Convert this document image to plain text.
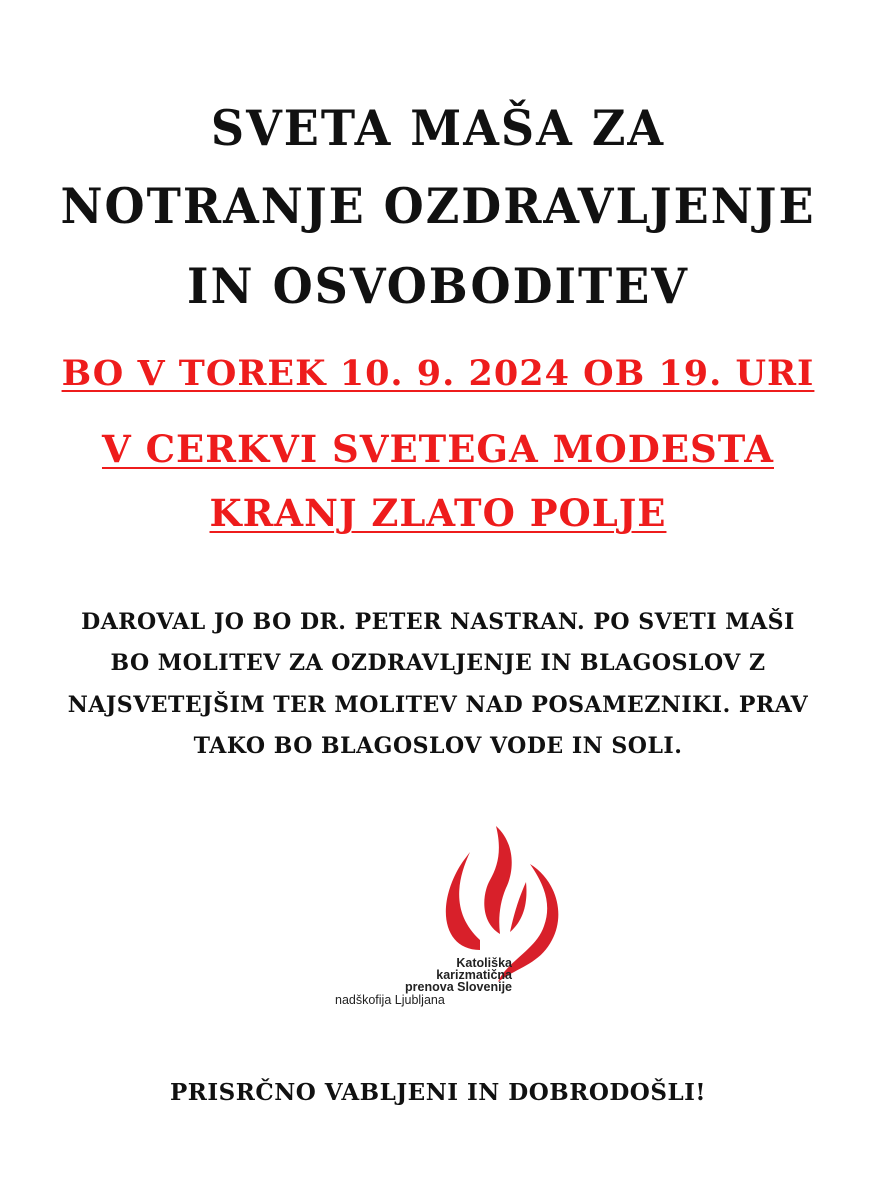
SVETA MAŠA ZA
NOTRANJE OZDRAVLJENJE
IN OSVOBODITEV
BO V TOREK 10. 9. 2024 OB 19. URI
V CERKVI SVETEGA MODESTA
KRANJ ZLATO POLJE
DAROVAL JO BO DR. PETER NASTRAN. PO SVETI MAŠI
BO MOLITEV ZA OZDRAVLJENJE IN BLAGOSLOV Z
NAJSVETEJŠIM TER MOLITEV NAD POSAMEZNIKI. PRAV
TAKO BO BLAGOSLOV VODE IN SOLI.
Katoliška
karizmatična
prenova Slovenije
nadškofija Ljubljana
PRISRČNO VABLJENI IN DOBRODOŠLI!
